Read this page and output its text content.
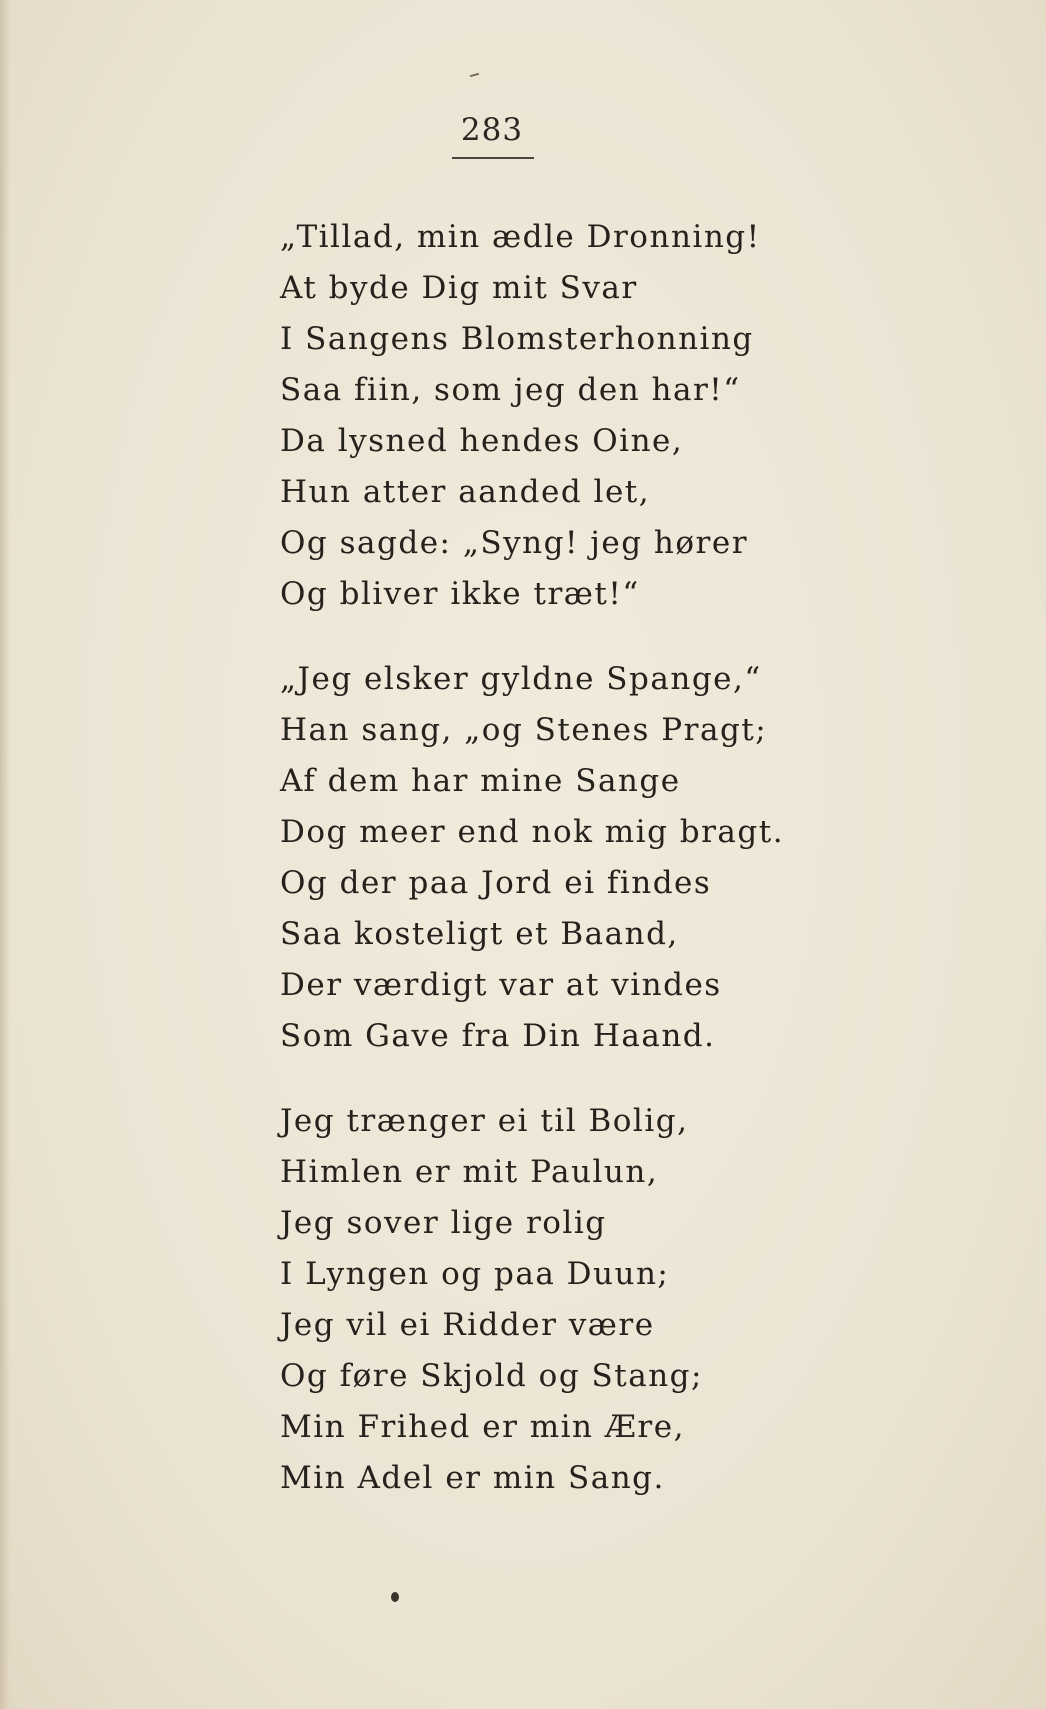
283
„Tillad, min ædle Dronning!
At byde Dig mit Svar
I Sangens Blomsterhonning
Saa fiin, som jeg den har!“
Da lysned hendes Oine,
Hun atter aanded let,
Og sagde: „Syng! jeg hører
Og bliver ikke træt!“
„Jeg elsker gyldne Spange,“
Han sang, „og Stenes Pragt;
Af dem har mine Sange
Dog meer end nok mig bragt.
Og der paa Jord ei findes
Saa kosteligt et Baand,
Der værdigt var at vindes
Som Gave fra Din Haand.
Jeg trænger ei til Bolig,
Himlen er mit Paulun,
Jeg sover lige rolig
I Lyngen og paa Duun;
Jeg vil ei Ridder være
Og føre Skjold og Stang;
Min Frihed er min Ære,
Min Adel er min Sang.
